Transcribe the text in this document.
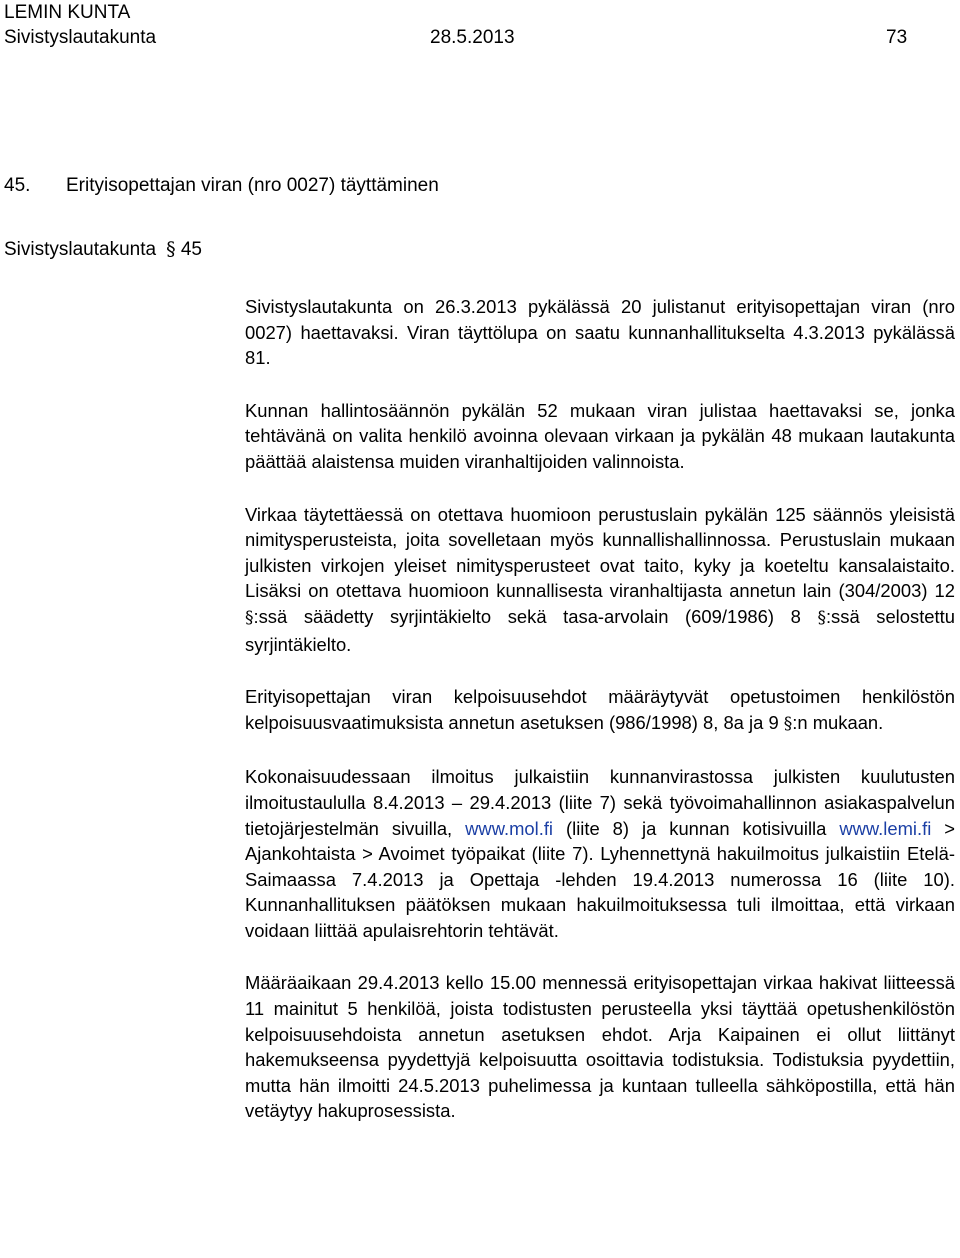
LEMIN KUNTA
Sivistyslautakunta	28.5.2013	73
45.	Erityisopettajan viran (nro 0027) täyttäminen
Sivistyslautakunta § 45

Sivistyslautakunta on 26.3.2013 pykälässä 20 julistanut erityisopettajan viran (nro 0027) haettavaksi. Viran täyttölupa on saatu kunnanhallitukselta 4.3.2013 pykälässä 81.

Kunnan hallintosäännön pykälän 52 mukaan viran julistaa haettavaksi se, jonka tehtävänä on valita henkilö avoinna olevaan virkaan ja pykälän 48 mukaan lautakunta päättää alaistensa muiden viranhaltijoiden valinnoista.

Virkaa täytettäessä on otettava huomioon perustuslain pykälän 125 säännös yleisistä nimitysperusteista, joita sovelletaan myös kunnallishallinnossa. Perustuslain mukaan julkisten virkojen yleiset nimitysperusteet ovat taito, kyky ja koeteltu kansalaistaito. Lisäksi on otettava huomioon kunnallisesta viranhaltijasta annetun lain (304/2003) 12 §:ssä säädetty syrjintäkielto sekä tasa-arvolain (609/1986) 8 §:ssä selostettu syrjintäkielto.

Erityisopettajan viran kelpoisuusehdot määräytyvät opetustoimen henkilöstön kelpoisuusvaatimuksista annetun asetuksen (986/1998) 8, 8a ja 9 §:n mukaan.

Kokonaisuudessaan ilmoitus julkaistiin kunnanvirastossa julkisten kuulutusten ilmoitustaululla 8.4.2013 – 29.4.2013 (liite 7) sekä työvoimahallinnon asiakaspalvelun tietojärjestelmän sivuilla, www.mol.fi (liite 8) ja kunnan kotisivuilla www.lemi.fi > Ajankohtaista > Avoimet työpaikat (liite 7). Lyhennettynä hakuilmoitus julkaistiin Etelä-Saimaassa 7.4.2013 ja Opettaja -lehden 19.4.2013 numerossa 16 (liite 10). Kunnanhallituksen päätöksen mukaan hakuilmoituksessa tuli ilmoittaa, että virkaan voidaan liittää apulaisrehtorin tehtävät.

Määräaikaan 29.4.2013 kello 15.00 mennessä erityisopettajan virkaa hakivat liitteessä 11 mainitut 5 henkilöä, joista todistusten perusteella yksi täyttää opetushenkilöstön kelpoisuusehdoista annetun asetuksen ehdot. Arja Kaipainen ei ollut liittänyt hakemukseensa pyydettyjä kelpoisuutta osoittavia todistuksia. Todistuksia pyydettiin, mutta hän ilmoitti 24.5.2013 puhelimessa ja kuntaan tulleella sähköpostilla, että hän vetäytyy hakuprosessista.
